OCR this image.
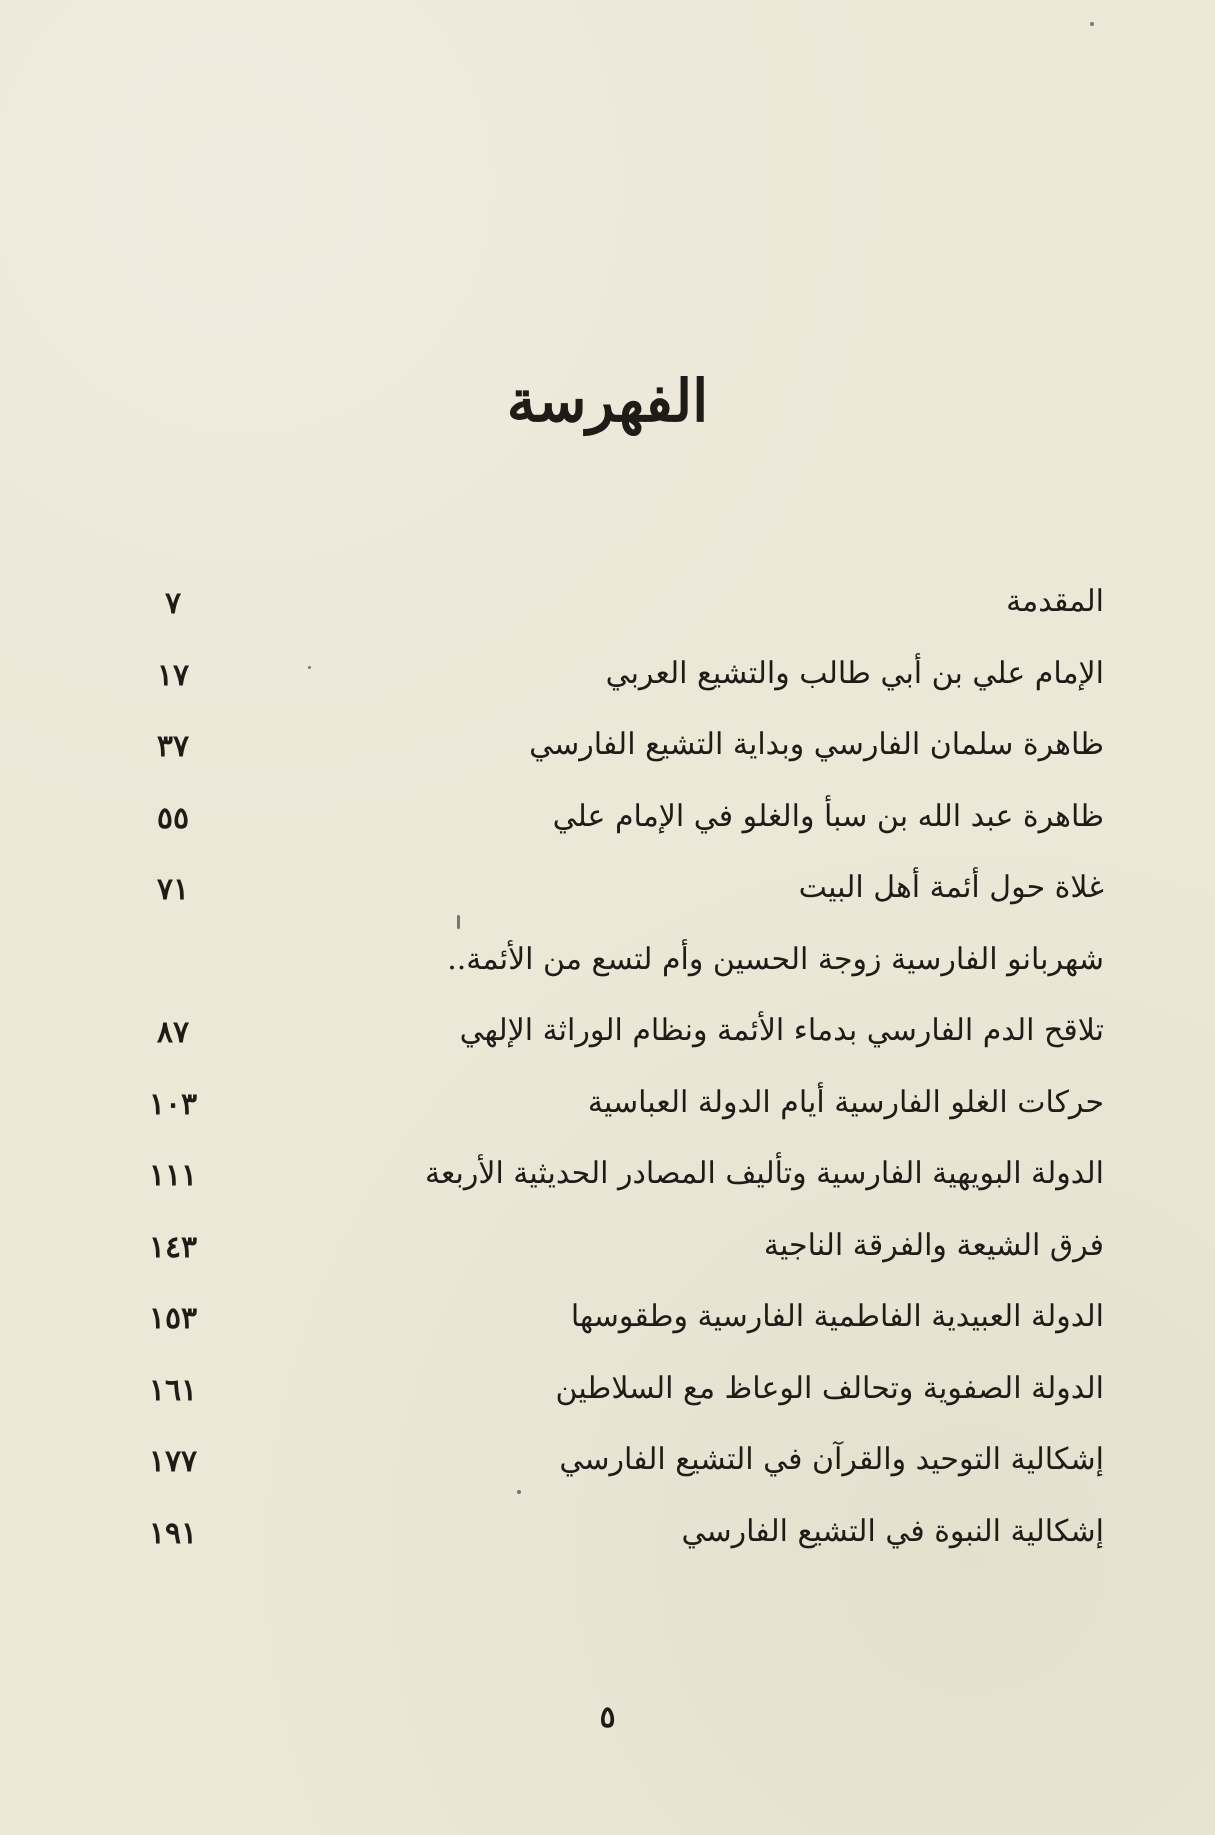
الفهرسة
المقدمة
٧
الإمام علي بن أبي طالب والتشيع العربي
١٧
ظاهرة سلمان الفارسي وبداية التشيع الفارسي
٣٧
ظاهرة عبد الله بن سبأ والغلو في الإمام علي
٥٥
غلاة حول أئمة أهل البيت
٧١
شهربانو الفارسية زوجة الحسين وأم لتسع من الأئمة..
تلاقح الدم الفارسي بدماء الأئمة ونظام الوراثة الإلهي
٨٧
حركات الغلو الفارسية أيام الدولة العباسية
١٠٣
الدولة البويهية الفارسية وتأليف المصادر الحديثية الأربعة
١١١
فرق الشيعة والفرقة الناجية
١٤٣
الدولة العبيدية الفاطمية الفارسية وطقوسها
١٥٣
الدولة الصفوية وتحالف الوعاظ مع السلاطين
١٦١
إشكالية التوحيد والقرآن في التشيع الفارسي
١٧٧
إشكالية النبوة في التشيع الفارسي
١٩١
٥
